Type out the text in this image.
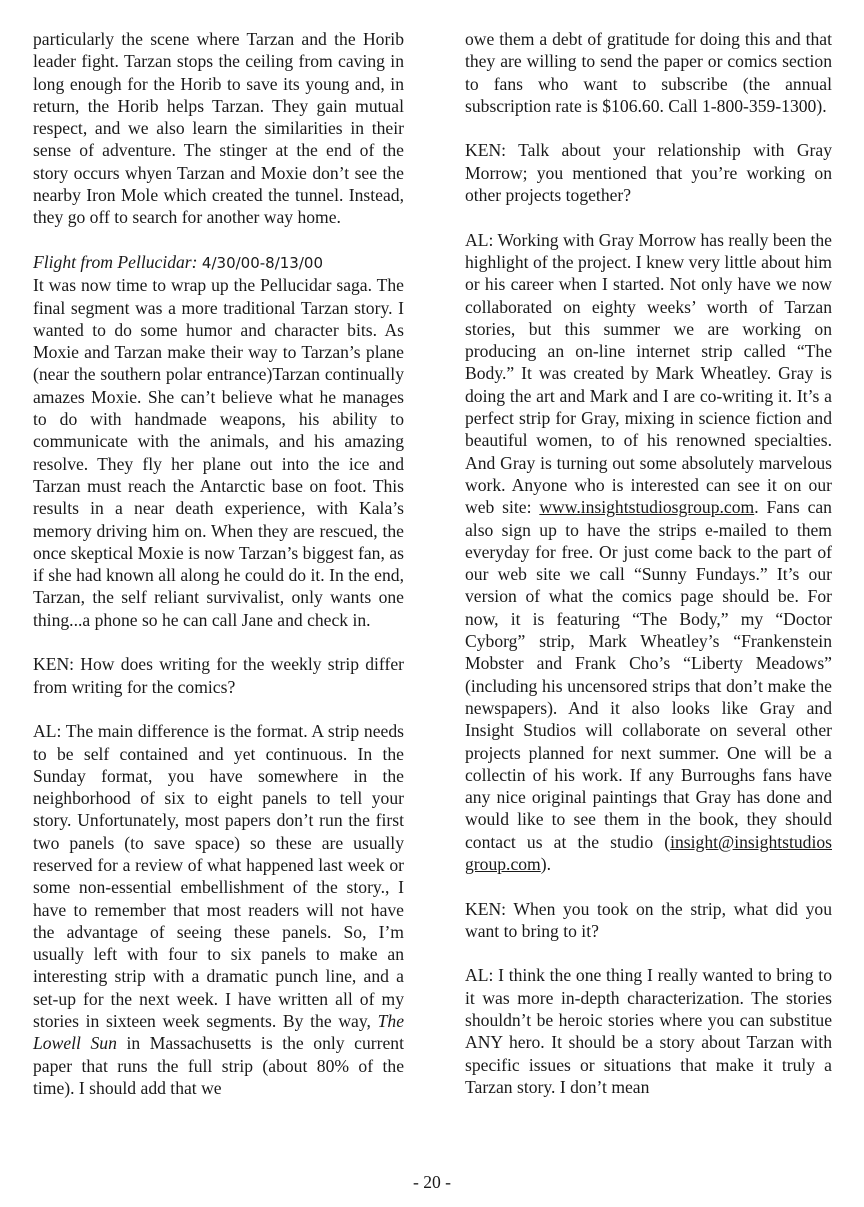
particularly the scene where Tarzan and the Horib leader fight. Tarzan stops the ceiling from caving in long enough for the Horib to save its young and, in return, the Horib helps Tarzan. They gain mutual respect, and we also learn the similarities in their sense of adventure. The stinger at the end of the story occurs whyen Tarzan and Moxie don’t see the nearby Iron Mole which created the tunnel. Instead, they go off to search for another way home.

Flight from Pellucidar: 4/30/00-8/13/00

It was now time to wrap up the Pellucidar saga. The final segment was a more traditional Tarzan story. I wanted to do some humor and character bits. As Moxie and Tarzan make their way to Tarzan’s plane (near the southern polar entrance)Tarzan continually amazes Moxie. She can’t believe what he manages to do with handmade weapons, his ability to communicate with the animals, and his amazing resolve. They fly her plane out into the ice and Tarzan must reach the Antarctic base on foot. This results in a near death experience, with Kala’s memory driving him on. When they are rescued, the once skeptical Moxie is now Tarzan’s biggest fan, as if she had known all along he could do it. In the end, Tarzan, the self reliant survivalist, only wants one thing...a phone so he can call Jane and check in.

KEN: How does writing for the weekly strip differ from writing for the comics?

AL: The main difference is the format. A strip needs to be self contained and yet continuous. In the Sunday format, you have somewhere in the neighborhood of six to eight panels to tell your story. Unfortunately, most papers don’t run the first two panels (to save space) so these are usually reserved for a review of what happened last week or some non-essential embellishment of the story., I have to remember that most readers will not have the advantage of seeing these panels. So, I’m usually left with four to six panels to make an interesting strip with a dramatic punch line, and a set-up for the next week. I have written all of my stories in sixteen week segments. By the way, The Lowell Sun in Massachusetts is the only current paper that runs the full strip (about 80% of the time). I should add that we

owe them a debt of gratitude for doing this and that they are willing to send the paper or comics section to fans who want to subscribe (the annual subscription rate is $106.60. Call 1-800-359-1300).

KEN: Talk about your relationship with Gray Morrow; you mentioned that you’re working on other projects together?

AL: Working with Gray Morrow has really been the highlight of the project. I knew very little about him or his career when I started. Not only have we now collaborated on eighty weeks’ worth of Tarzan stories, but this summer we are working on producing an on-line internet strip called “The Body.” It was created by Mark Wheatley. Gray is doing the art and Mark and I are co-writing it. It’s a perfect strip for Gray, mixing in science fiction and beautiful women, to of his renowned specialties. And Gray is turning out some absolutely marvelous work. Anyone who is interested can see it on our web site: www.insightstudiosgroup.com. Fans can also sign up to have the strips e-mailed to them everyday for free. Or just come back to the part of our web site we call “Sunny Fundays.” It’s our version of what the comics page should be. For now, it is featuring “The Body,” my “Doctor Cyborg” strip, Mark Wheatley’s “Frankenstein Mobster and Frank Cho’s “Liberty Meadows” (including his uncensored strips that don’t make the newspapers). And it also looks like Gray and Insight Studios will collaborate on several other projects planned for next summer. One will be a collectin of his work. If any Burroughs fans have any nice original paintings that Gray has done and would like to see them in the book, they should contact us at the studio (insight@insightstudios group.com).

KEN: When you took on the strip, what did you want to bring to it?

AL: I think the one thing I really wanted to bring to it was more in-depth characterization. The stories shouldn’t be heroic stories where you can substitue ANY hero. It should be a story about Tarzan with specific issues or situations that make it truly a Tarzan story. I don’t mean

- 20 -
